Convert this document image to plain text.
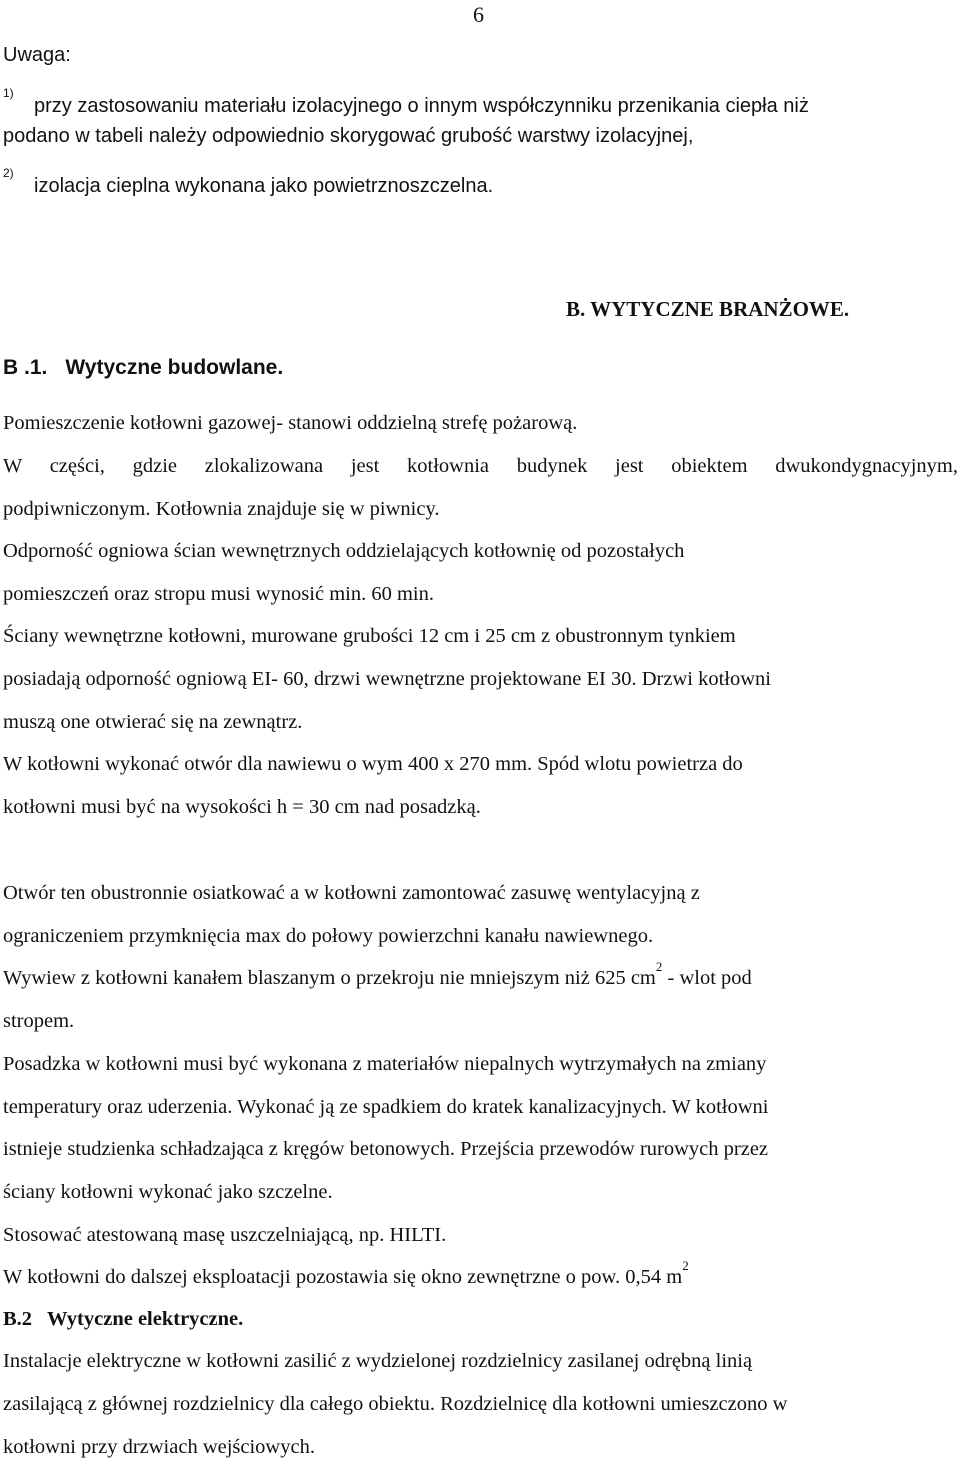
6
Uwaga:
$^{1)}$
przy zastosowaniu materiału izolacyjnego o innym współczynniku przenikania ciepła niż
podano w tabeli należy odpowiednio skorygować grubość warstwy izolacyjnej,
$^{2)}$
izolacja cieplna wykonana jako powietrznoszczelna.
B. WYTYCZNE BRANŻOWE.
B .1. Wytyczne budowlane.
Pomieszczenie kotłowni gazowej- stanowi oddzielną strefę pożarową.
W części, gdzie zlokalizowana jest kotłownia budynek jest obiektem dwukondygnacyjnym,
podpiwniczonym. Kotłownia znajduje się w piwnicy.
Odporność ogniowa ścian wewnętrznych oddzielających kotłownię od pozostałych
pomieszczeń oraz stropu musi wynosić min. 60 min.
Ściany wewnętrzne kotłowni, murowane grubości 12 cm i 25 cm z obustronnym tynkiem
posiadają odporność ogniową EI- 60, drzwi wewnętrzne projektowane EI 30. Drzwi kotłowni
muszą one otwierać się na zewnątrz.
W kotłowni wykonać otwór dla nawiewu o wym 400 x 270 mm. Spód wlotu powietrza do
kotłowni musi być na wysokości h = 30 cm nad posadzką.
Otwór ten obustronnie osiatkować a w kotłowni zamontować zasuwę wentylacyjną z
ograniczeniem przymknięcia max do połowy powierzchni kanału nawiewnego.
Wywiew z kotłowni kanałem blaszanym o przekroju nie mniejszym niż 625 $cm^2$ - wlot pod
stropem.
Posadzka w kotłowni musi być wykonana z materiałów niepalnych wytrzymałych na zmiany
temperatury oraz uderzenia. Wykonać ją ze spadkiem do kratek kanalizacyjnych. W kotłowni
istnieje studzienka schładzająca z kręgów betonowych. Przejścia przewodów rurowych przez
ściany kotłowni wykonać jako szczelne.
Stosować atestowaną masę uszczelniającą, np. HILTI.
W kotłowni do dalszej eksploatacji pozostawia się okno zewnętrzne o pow. 0,54 $m^2$
B.2   Wytyczne elektryczne.
Instalacje elektryczne w kotłowni zasilić z wydzielonej rozdzielnicy zasilanej odrębną linią
zasilającą z głównej rozdzielnicy dla całego obiektu. Rozdzielnicę dla kotłowni umieszczono w
kotłowni przy drzwiach wejściowych.
